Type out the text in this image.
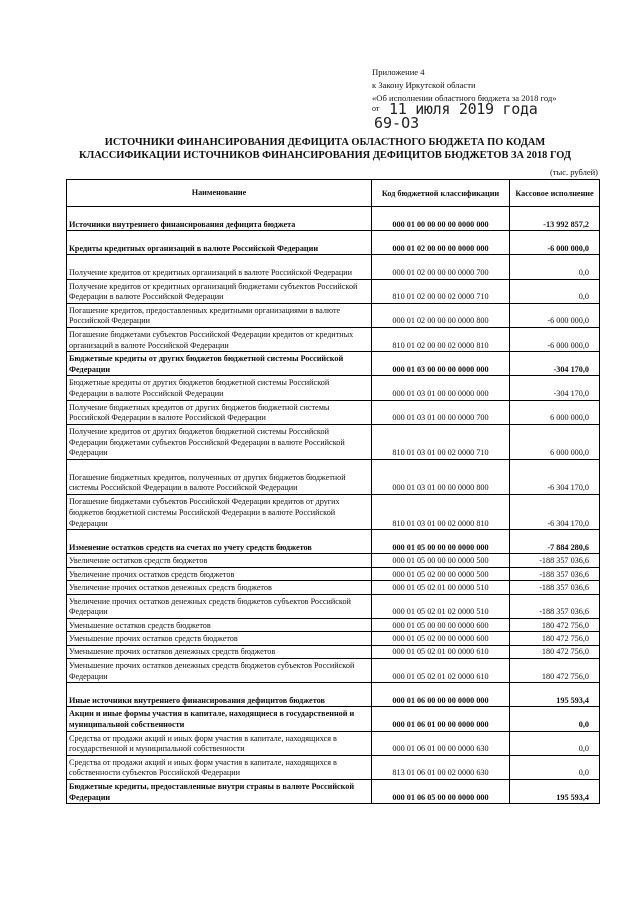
Приложение 4
к Закону Иркутской области
«Об исполнении областного бюджета за 2018 год»
от 11 июля 2019 года
69-ОЗ
ИСТОЧНИКИ ФИНАНСИРОВАНИЯ ДЕФИЦИТА ОБЛАСТНОГО БЮДЖЕТА ПО КОДАМ
КЛАССИФИКАЦИИ ИСТОЧНИКОВ ФИНАНСИРОВАНИЯ ДЕФИЦИТОВ БЮДЖЕТОВ ЗА 2018 ГОД
(тыс. рублей)
Наименование	Код бюджетной классификации	Кассовое исполнение
Источники внутреннего финансирования дефицита бюджета	000 01 00 00 00 00 0000 000	-13 992 857,2
Кредиты кредитных организаций в валюте Российской Федерации	000 01 02 00 00 00 0000 000	-6 000 000,0
Получение кредитов от кредитных организаций в валюте Российской Федерации	000 01 02 00 00 00 0000 700	0,0
Получение кредитов от кредитных организаций бюджетами субъектов Российской Федерации в валюте Российской Федерации	810 01 02 00 00 02 0000 710	0,0
Погашение кредитов, предоставленных кредитными организациями в валюте Российской Федерации	000 01 02 00 00 00 0000 800	-6 000 000,0
Погашение бюджетами субъектов Российской Федерации кредитов от кредитных организаций в валюте Российской Федерации	810 01 02 00 00 02 0000 810	-6 000 000,0
Бюджетные кредиты от других бюджетов бюджетной системы Российской Федерации	000 01 03 00 00 00 0000 000	-304 170,0
Бюджетные кредиты от других бюджетов бюджетной системы Российской Федерации в валюте Российской Федерации	000 01 03 01 00 00 0000 000	-304 170,0
Получение бюджетных кредитов от других бюджетов бюджетной системы Российской Федерации в валюте Российской Федерации	000 01 03 01 00 00 0000 700	6 000 000,0
Получение кредитов от других бюджетов бюджетной системы Российской Федерации бюджетами субъектов Российской Федерации в валюте Российской Федерации	810 01 03 01 00 02 0000 710	6 000 000,0
Погашение бюджетных кредитов, полученных от других бюджетов бюджетной системы Российской Федерации в валюте Российской Федерации	000 01 03 01 00 00 0000 800	-6 304 170,0
Погашение бюджетами субъектов Российской Федерации кредитов от других бюджетов бюджетной системы Российской Федерации в валюте Российской Федерации	810 01 03 01 00 02 0000 810	-6 304 170,0
Изменение остатков средств на счетах по учету средств бюджетов	000 01 05 00 00 00 0000 000	-7 884 280,6
Увеличение остатков средств бюджетов	000 01 05 00 00 00 0000 500	-188 357 036,6
Увеличение прочих остатков средств бюджетов	000 01 05 02 00 00 0000 500	-188 357 036,6
Увеличение прочих остатков денежных средств бюджетов	000 01 05 02 01 00 0000 510	-188 357 036,6
Увеличение прочих остатков денежных средств бюджетов субъектов Российской Федерации	000 01 05 02 01 02 0000 510	-188 357 036,6
Уменьшение остатков средств бюджетов	000 01 05 00 00 00 0000 600	180 472 756,0
Уменьшение прочих остатков средств бюджетов	000 01 05 02 00 00 0000 600	180 472 756,0
Уменьшение прочих остатков денежных средств бюджетов	000 01 05 02 01 00 0000 610	180 472 756,0
Уменьшение прочих остатков денежных средств бюджетов субъектов Российской Федерации	000 01 05 02 01 02 0000 610	180 472 756,0
Иные источники внутреннего финансирования дефицитов бюджетов	000 01 06 00 00 00 0000 000	195 593,4
Акции и иные формы участия в капитале, находящиеся в государственной и муниципальной собственности	000 01 06 01 00 00 0000 000	0,0
Средства от продажи акций и иных форм участия в капитале, находящихся в государственной и муниципальной собственности	000 01 06 01 00 00 0000 630	0,0
Средства от продажи акций и иных форм участия в капитале, находящихся в собственности субъектов Российской Федерации	813 01 06 01 00 02 0000 630	0,0
Бюджетные кредиты, предоставленные внутри страны в валюте Российской Федерации	000 01 06 05 00 00 0000 000	195 593,4
